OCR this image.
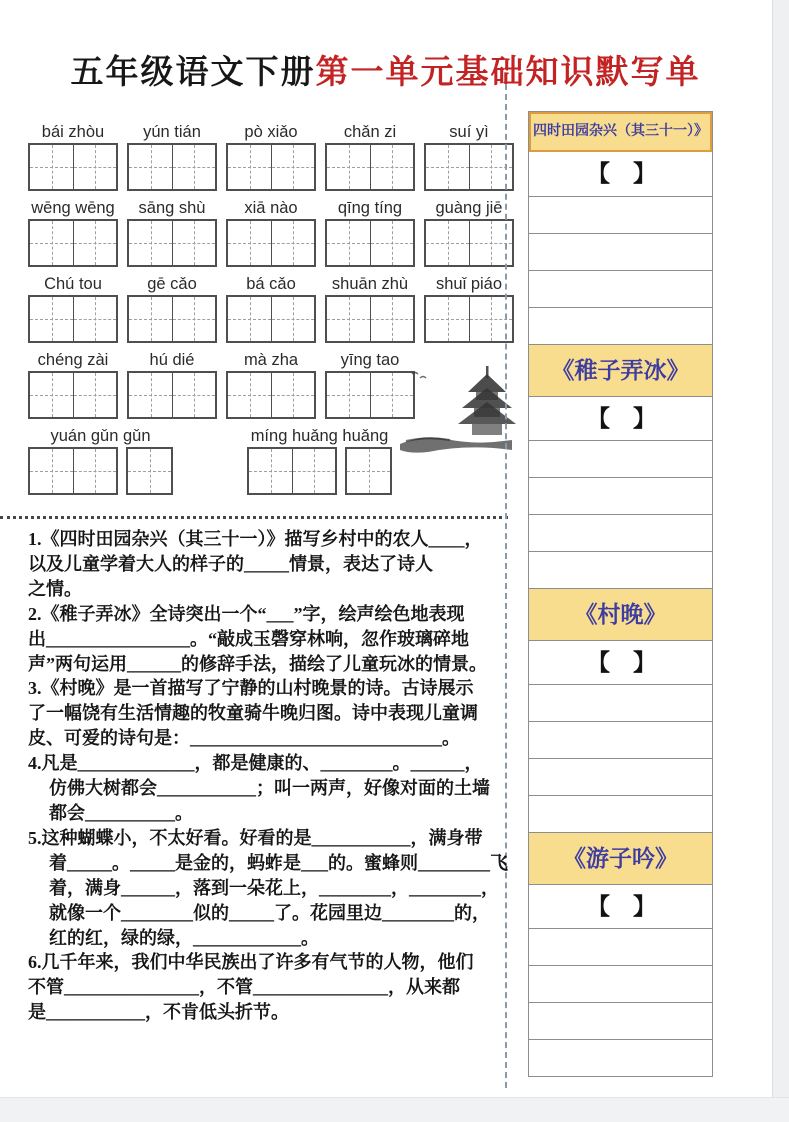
五年级语文下册第一单元基础知识默写单
bái zhòu	yún tián	pò xiǎo	chǎn zi	suí yì
wēng wēng	sāng shù	xiā nào	qīng tíng	guàng jiē
Chú tou	gē cǎo	bá cǎo	shuān zhù	shuǐ piáo
chéng zài	hú dié	mà zha	yīng tao
yuán gǔn gǔn	míng huǎng huǎng
1.《四时田园杂兴（其三十一）》描写乡村中的农人____，
以及儿童学着大人的样子的_____情景，表达了诗人
之情。
2.《稚子弄冰》全诗突出一个“___”字，绘声绘色地表现
出________________。“敲成玉磬穿林响，忽作玻璃碎地
声”两句运用______的修辞手法，描绘了儿童玩冰的情景。
3.《村晚》是一首描写了宁静的山村晚景的诗。古诗展示
了一幅饶有生活情趣的牧童骑牛晚归图。诗中表现儿童调
皮、可爱的诗句是：____________________________。
4.凡是_____________，都是健康的、________。______，
仿佛大树都会___________；叫一两声，好像对面的土墙
都会__________。
5.这种蝴蝶小，不太好看。好看的是___________，满身带
着_____。_____是金的，蚂蚱是___的。蜜蜂则________飞
着，满身______，落到一朵花上，________，________，
就像一个________似的_____了。花园里边________的，
红的红，绿的绿，____________。
6.几千年来，我们中华民族出了许多有气节的人物，他们
不管_______________，不管_______________，从来都
是___________，不肯低头折节。
四时田园杂兴（其三十一）》
【　】
《稚子弄冰》
【　】
《村晚》
【　】
《游子吟》
【　】
